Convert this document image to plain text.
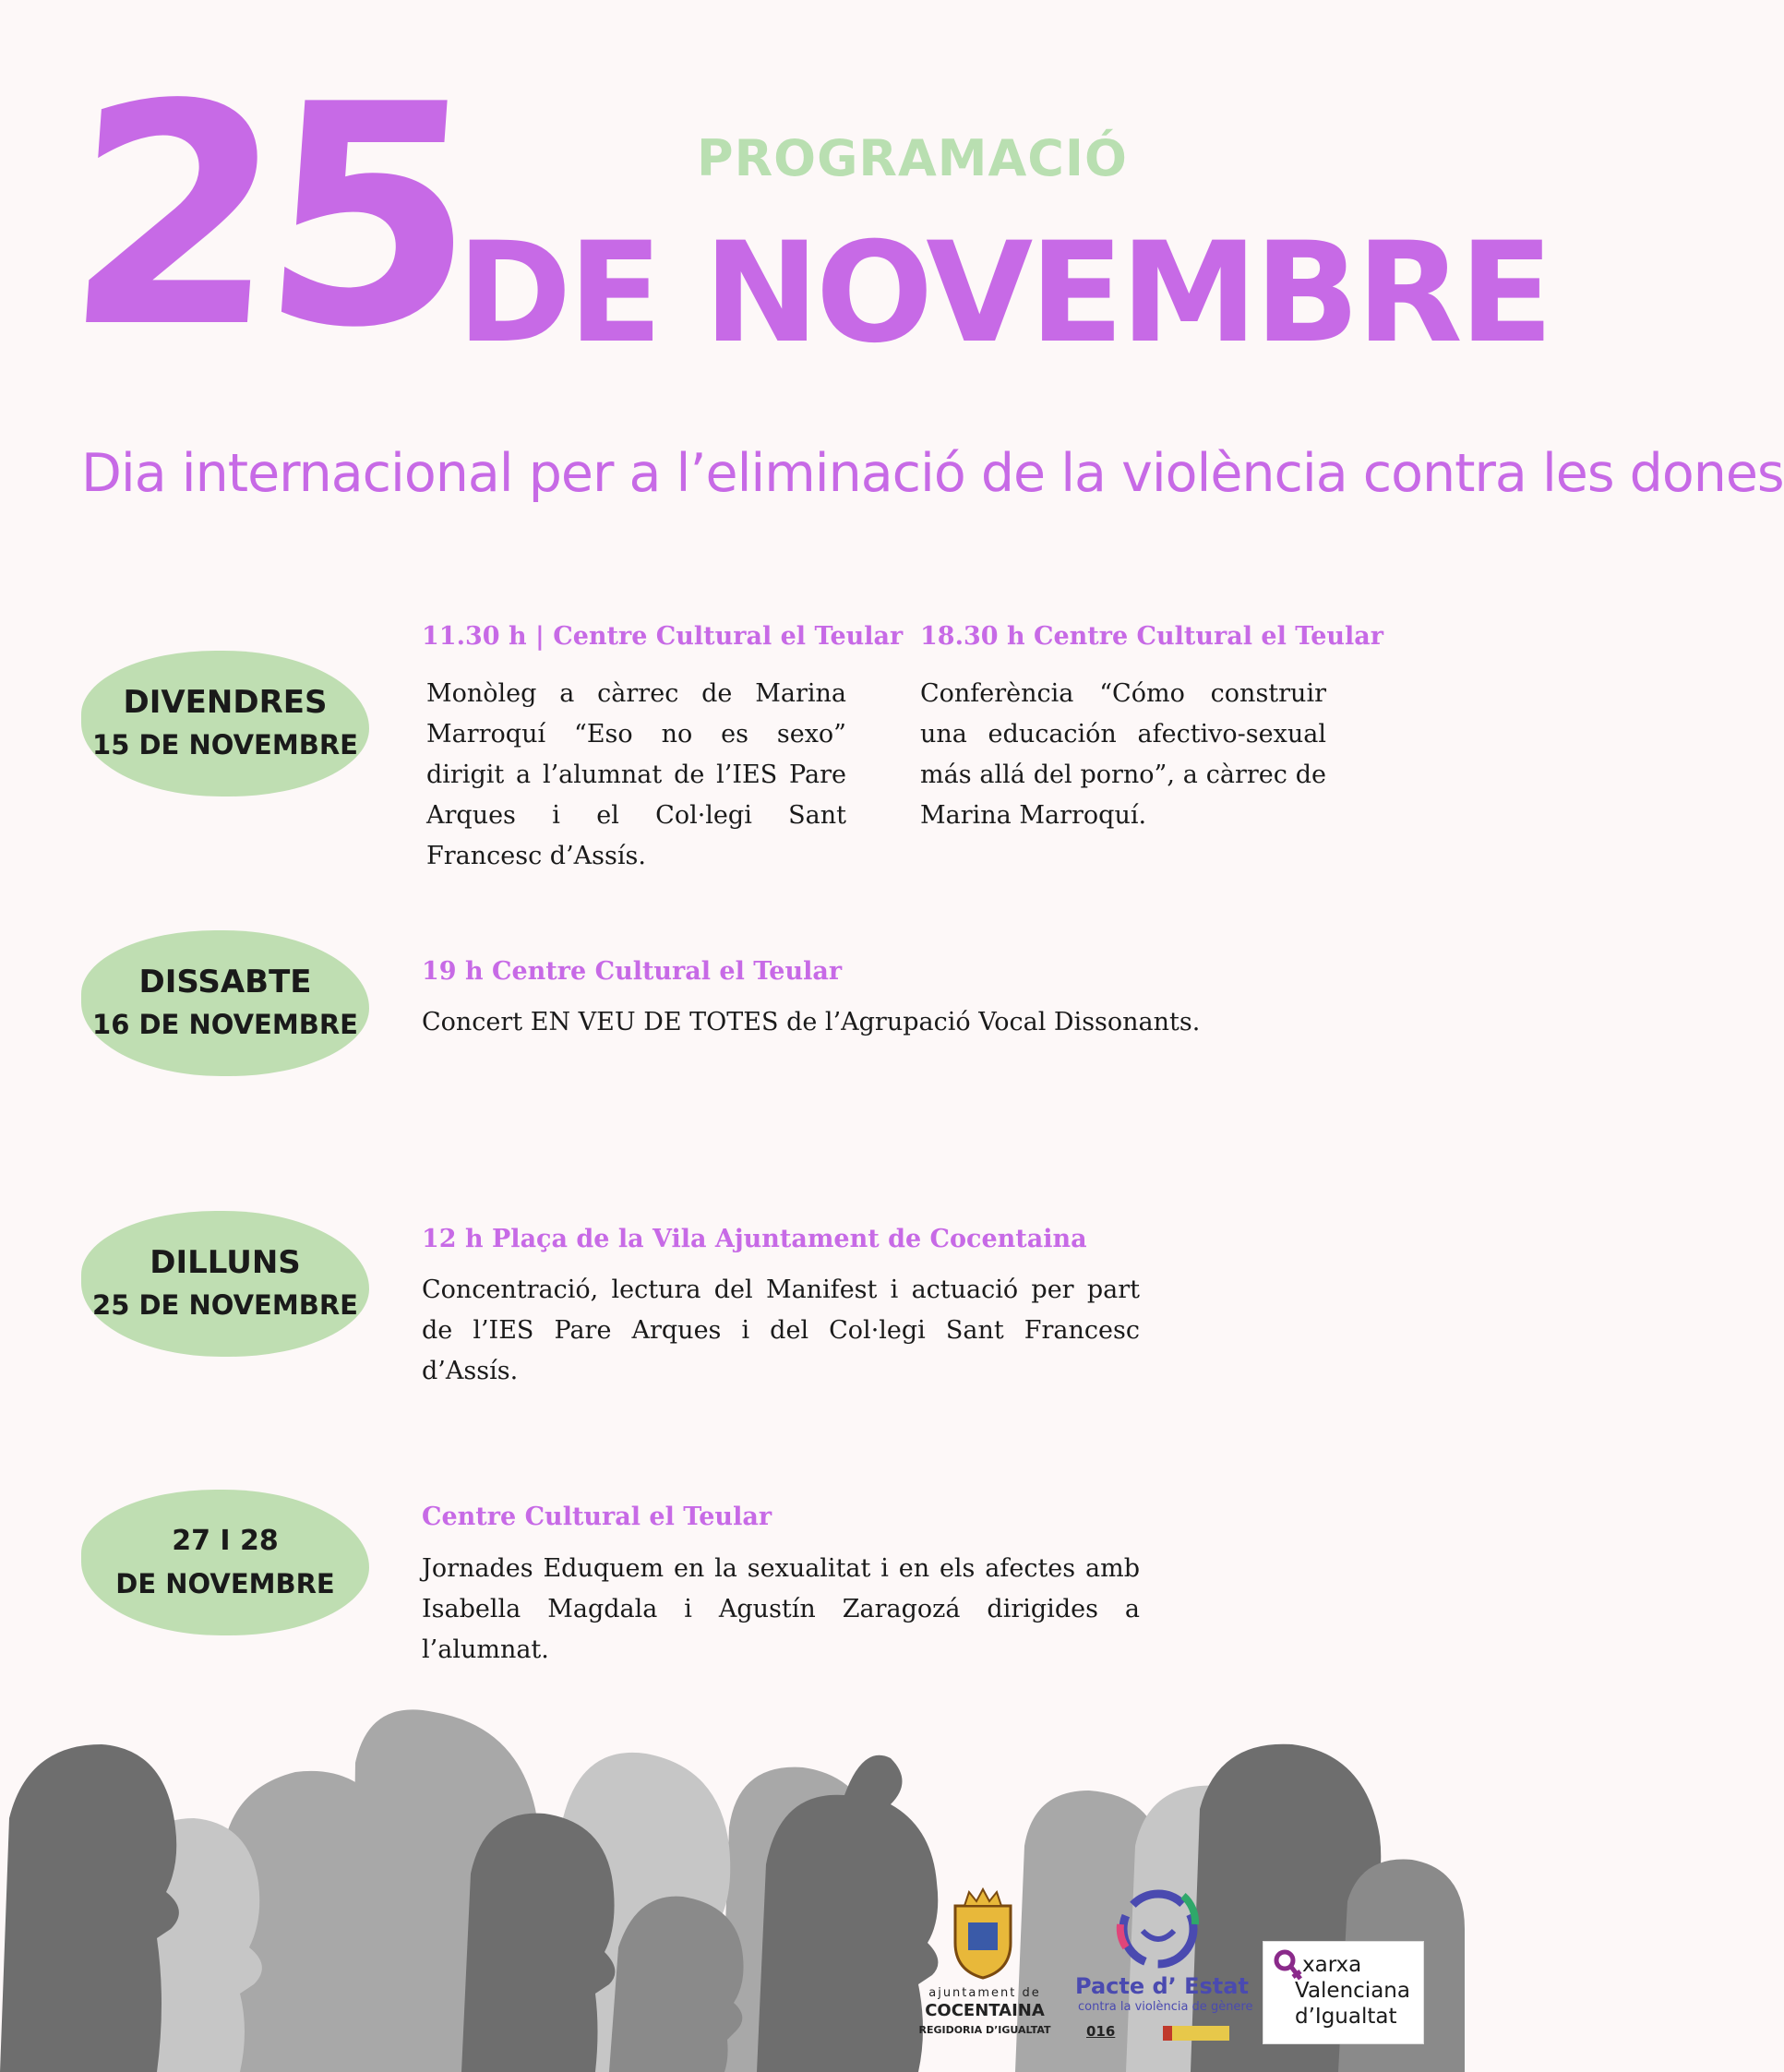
25	PROGRAMACIÓ
DE NOVEMBRE
Dia internacional per a l’eliminació de la violència contra les dones
DIVENDRES
15 DE NOVEMBRE
11.30 h | Centre Cultural el Teular
Monòleg a càrrec de Marina Marroquí “Eso no es sexo” dirigit a l’alumnat de l’IES Pare Arques i el Col·legi Sant Francesc d’Assís.
18.30 h Centre Cultural el Teular
Conferència “Cómo construir una educación afectivo-sexual más allá del porno”, a càrrec de Marina Marroquí.
DISSABTE
16 DE NOVEMBRE
19 h Centre Cultural el Teular
Concert EN VEU DE TOTES de l’Agrupació Vocal Dissonants.
DILLUNS
25 DE NOVEMBRE
12 h Plaça de la Vila Ajuntament de Cocentaina
Concentració, lectura del Manifest i actuació per part de l’IES Pare Arques i del Col·legi Sant Francesc d’Assís.
27 I 28
DE NOVEMBRE
Centre Cultural el Teular
Jornades Eduquem en la sexualitat i en els afectes amb Isabella Magdala i Agustín Zaragozá dirigides a l’alumnat.
ajuntament de
COCENTAINA
REGIDORIA D’IGUALTAT
Pacte d’ Estat
contra la violència de gènere
016
xarxa
Valenciana
d’Igualtat
